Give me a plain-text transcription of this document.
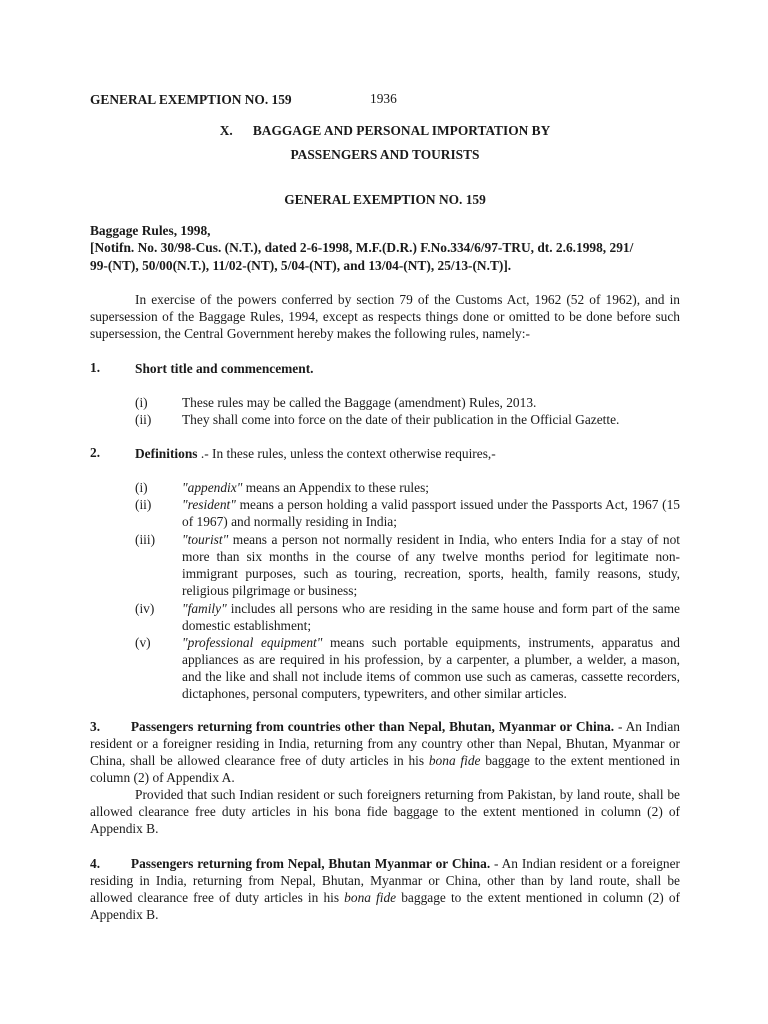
GENERAL EXEMPTION NO. 159	1936
X. BAGGAGE AND PERSONAL IMPORTATION BY
PASSENGERS AND TOURISTS
GENERAL EXEMPTION NO. 159
Baggage Rules, 1998,
[Notifn. No. 30/98-Cus. (N.T.), dated 2-6-1998, M.F.(D.R.) F.No.334/6/97-TRU, dt. 2.6.1998, 291/
99-(NT), 50/00(N.T.), 11/02-(NT), 5/04-(NT), and 13/04-(NT), 25/13-(N.T)].
In exercise of the powers conferred by section 79 of the Customs Act, 1962 (52 of 1962), and in supersession of the Baggage Rules, 1994, except as respects things done or omitted to be done before such supersession, the Central Government hereby makes the following rules, namely:-
1.	Short title and commencement.
(i)	These rules may be called the Baggage (amendment) Rules, 2013.
(ii) They shall come into force on the date of their publication in the Official Gazette.
2.	Definitions .- In these rules, unless the context otherwise requires,-
(i)	"appendix" means an Appendix to these rules;
(ii) "resident" means a person holding a valid passport issued under the Passports Act, 1967 (15 of 1967) and normally residing in India;
(iii) "tourist" means a person not normally resident in India, who enters India for a stay of not more than six months in the course of any twelve months period for legitimate non-immigrant purposes, such as touring, recreation, sports, health, family reasons, study, religious pilgrimage or business;
(iv) "family" includes all persons who are residing in the same house and form part of the same domestic establishment;
(v) "professional equipment" means such portable equipments, instruments, apparatus and appliances as are required in his profession, by a carpenter, a plumber, a welder, a mason, and the like and shall not include items of common use such as cameras, cassette recorders, dictaphones, personal computers, typewriters, and other similar articles.
3. Passengers returning from countries other than Nepal, Bhutan, Myanmar or China. - An Indian resident or a foreigner residing in India, returning from any country other than Nepal, Bhutan, Myanmar or China, shall be allowed clearance free of duty articles in his bona fide baggage to the extent mentioned in column (2) of Appendix A.
Provided that such Indian resident or such foreigners returning from Pakistan, by land route, shall be allowed clearance free duty articles in his bona fide baggage to the extent mentioned in column (2) of Appendix B.
4. Passengers returning from Nepal, Bhutan Myanmar or China. - An Indian resident or a foreigner residing in India, returning from Nepal, Bhutan, Myanmar or China, other than by land route, shall be allowed clearance free of duty articles in his bona fide baggage to the extent mentioned in column (2) of Appendix B.
